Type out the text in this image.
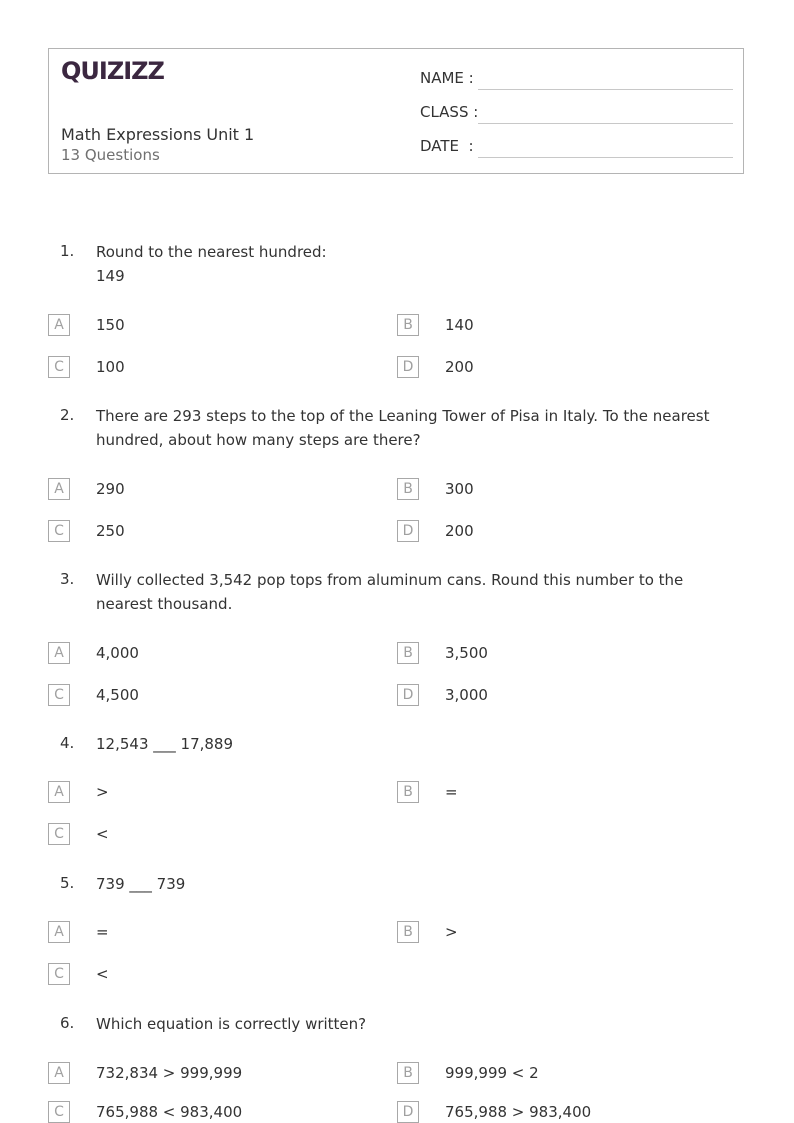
QUIZIZZ
Math Expressions Unit 1
13 Questions
NAME :
CLASS :
DATE  :
1. Round to the nearest hundred:
149
A	150	B	140
C	100	D	200
2. There are 293 steps to the top of the Leaning Tower of Pisa in Italy. To the nearest hundred, about how many steps are there?
A	290	B	300
C	250	D	200
3. Willy collected 3,542 pop tops from aluminum cans. Round this number to the nearest thousand.
A	4,000	B	3,500
C	4,500	D	3,000
4. 12,543 ___ 17,889
A	>	B	=
C	<
5. 739 ___ 739
A	=	B	>
C	<
6. Which equation is correctly written?
A	732,834 > 999,999	B	999,999 < 2
C	765,988 < 983,400	D	765,988 > 983,400
